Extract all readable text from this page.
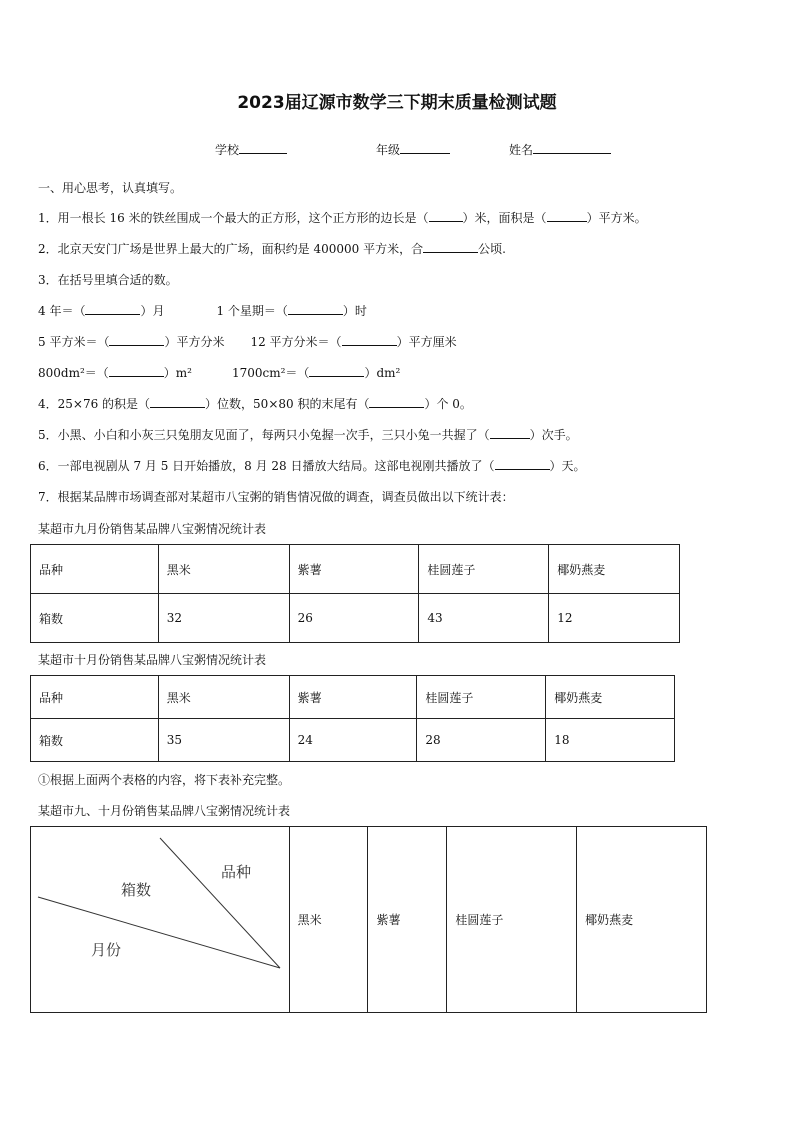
2023届辽源市数学三下期末质量检测试题
学校	年级	姓名
一、用心思考，认真填写。
1．用一根长 16 米的铁丝围成一个最大的正方形，这个正方形的边长是（	）米，面积是（	）平方米。
2．北京天安门广场是世界上最大的广场，面积约是 400000 平方米，合	公顷.
3．在括号里填合适的数。
4 年＝（	）月	1 个星期＝（	）时
5 平方米＝（	）平方分米 12 平方分米＝（	）平方厘米
800dm²＝（	）m²	1700cm²＝（	）dm²
4．25×76 的积是（	）位数，50×80 积的末尾有（	）个 0。
5．小黑、小白和小灰三只兔朋友见面了，每两只小兔握一次手，三只小兔一共握了（	）次手。
6．一部电视剧从 7 月 5 日开始播放，8 月 28 日播放大结局。这部电视刚共播放了（	）天。
7．根据某品牌市场调查部对某超市八宝粥的销售情况做的调查，调查员做出以下统计表：
某超市九月份销售某品牌八宝粥情况统计表
品种	黑米	紫薯	桂圆莲子	椰奶燕麦
箱数	32	26	43	12
某超市十月份销售某品牌八宝粥情况统计表
品种	黑米	紫薯	桂圆莲子	椰奶燕麦
箱数	35	24	28	18
①根据上面两个表格的内容，将下表补充完整。
某超市九、十月份销售某品牌八宝粥情况统计表
	黑米	紫薯	桂圆莲子	椰奶燕麦
品种
箱数
月份
